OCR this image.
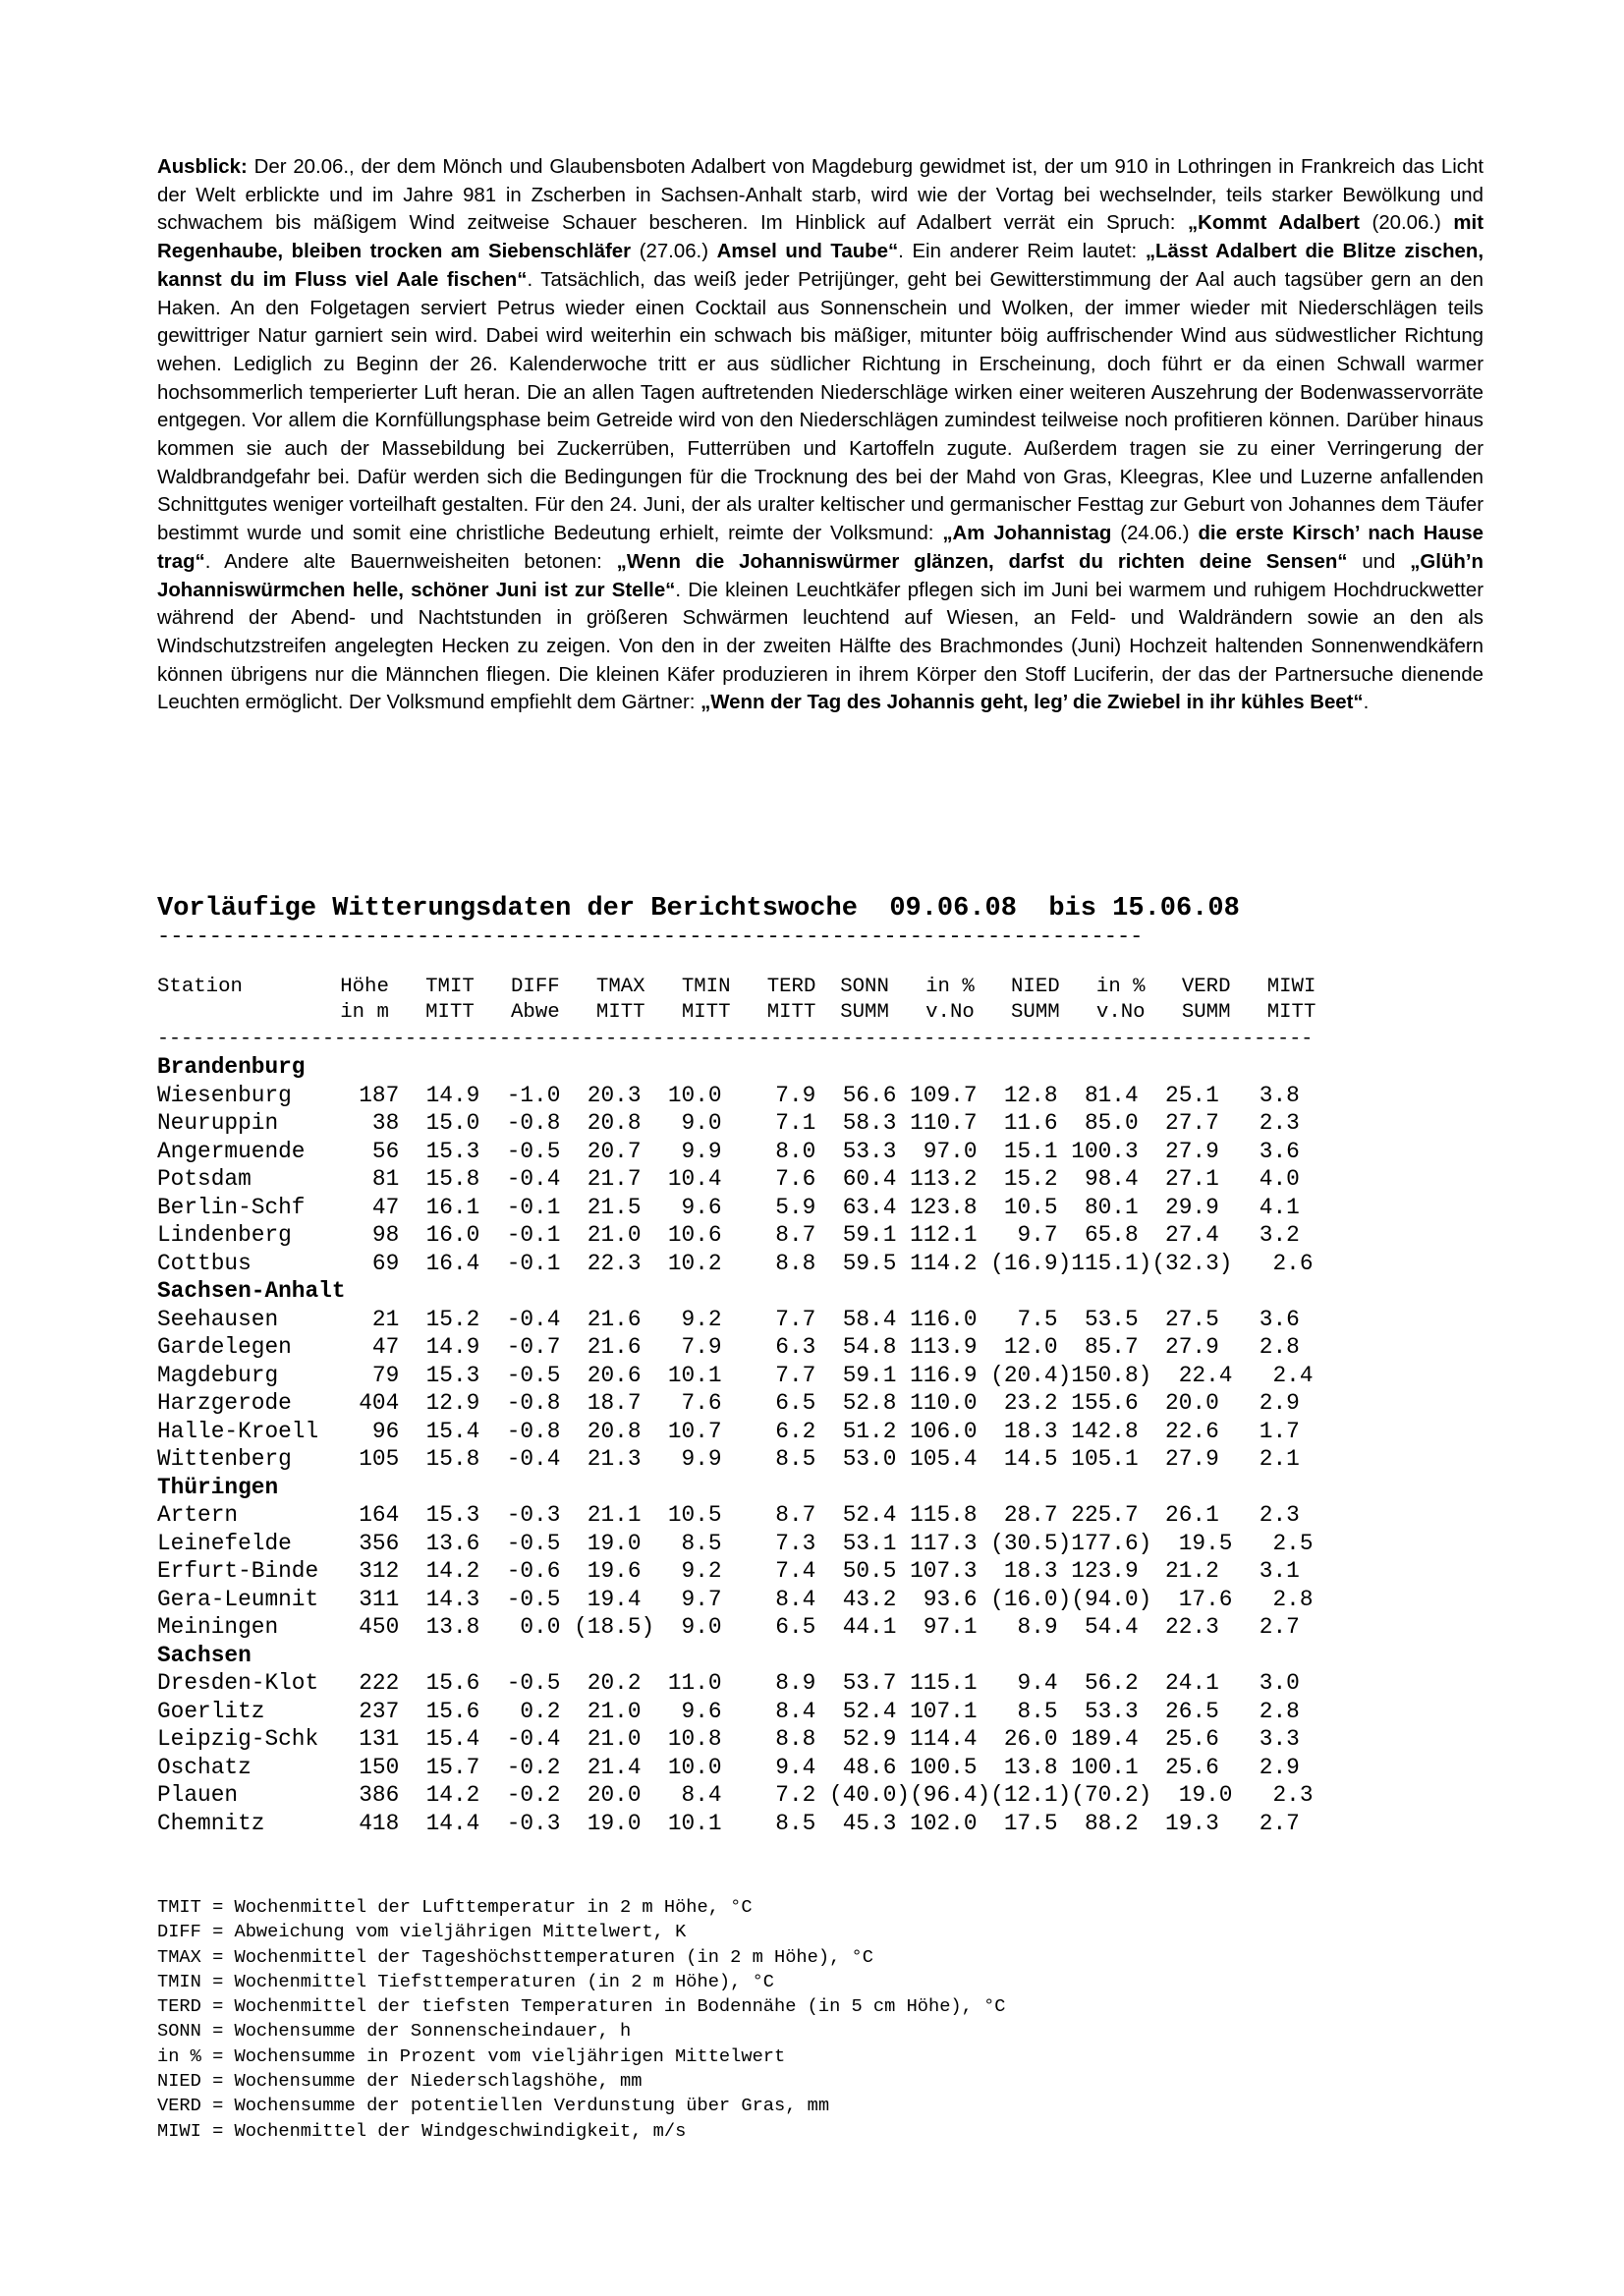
Ausblick: Der 20.06., der dem Mönch und Glaubensboten Adalbert von Magdeburg gewidmet ist, der um 910 in Lothringen in Frankreich das Licht der Welt erblickte und im Jahre 981 in Zscherben in Sachsen-Anhalt starb, wird wie der Vortag bei wechselnder, teils starker Bewölkung und schwachem bis mäßigem Wind zeitweise Schauer bescheren. Im Hinblick auf Adalbert verrät ein Spruch: „Kommt Adalbert (20.06.) mit Regenhaube, bleiben trocken am Siebenschläfer (27.06.) Amsel und Taube“. Ein anderer Reim lautet: „Lässt Adalbert die Blitze zischen, kannst du im Fluss viel Aale fischen“. Tatsächlich, das weiß jeder Petrijünger, geht bei Gewitterstimmung der Aal auch tagsüber gern an den Haken. An den Folgetagen serviert Petrus wieder einen Cocktail aus Sonnenschein und Wolken, der immer wieder mit Niederschlägen teils gewittriger Natur garniert sein wird. Dabei wird weiterhin ein schwach bis mäßiger, mitunter böig auffrischender Wind aus südwestlicher Richtung wehen. Lediglich zu Beginn der 26. Kalenderwoche tritt er aus südlicher Richtung in Erscheinung, doch führt er da einen Schwall warmer hochsommerlich temperierter Luft heran. Die an allen Tagen auftretenden Niederschläge wirken einer weiteren Auszehrung der Bodenwasservorräte entgegen. Vor allem die Kornfüllungsphase beim Getreide wird von den Niederschlägen zumindest teilweise noch profitieren können. Darüber hinaus kommen sie auch der Massebildung bei Zuckerrüben, Futterrüben und Kartoffeln zugute. Außerdem tragen sie zu einer Verringerung der Waldbrandgefahr bei. Dafür werden sich die Bedingungen für die Trocknung des bei der Mahd von Gras, Kleegras, Klee und Luzerne anfallenden Schnittgutes weniger vorteilhaft gestalten. Für den 24. Juni, der als uralter keltischer und germanischer Festtag zur Geburt von Johannes dem Täufer bestimmt wurde und somit eine christliche Bedeutung erhielt, reimte der Volksmund: „Am Johannistag (24.06.) die erste Kirsch’ nach Hause trag“. Andere alte Bauernweisheiten betonen: „Wenn die Johanniswürmer glänzen, darfst du richten deine Sensen“ und „Glüh’n Johanniswürmchen helle, schöner Juni ist zur Stelle“. Die kleinen Leuchtkäfer pflegen sich im Juni bei warmem und ruhigem Hochdruckwetter während der Abend- und Nachtstunden in größeren Schwärmen leuchtend auf Wiesen, an Feld- und Waldrändern sowie an den als Windschutzstreifen angelegten Hecken zu zeigen. Von den in der zweiten Hälfte des Brachmondes (Juni) Hochzeit haltenden Sonnenwendkäfern können übrigens nur die Männchen fliegen. Die kleinen Käfer produzieren in ihrem Körper den Stoff Luciferin, der das der Partnersuche dienende Leuchten ermöglicht. Der Volksmund empfiehlt dem Gärtner: „Wenn der Tag des Johannis geht, leg’ die Zwiebel in ihr kühles Beet“.
Vorläufige Witterungsdaten der Berichtswoche  09.06.08  bis 15.06.08
----------------------------------------------------------------------------
Station        Höhe   TMIT   DIFF   TMAX   TMIN   TERD  SONN   in %   NIED   in %   VERD   MIWI
in m   MITT   Abwe   MITT   MITT   MITT  SUMM   v.No   SUMM   v.No   SUMM   MITT
--------------------------------------------------------------------------------------------------
Brandenburg
Wiesenburg     187  14.9  -1.0  20.3  10.0    7.9  56.6 109.7  12.8  81.4  25.1   3.8
Neuruppin       38  15.0  -0.8  20.8   9.0    7.1  58.3 110.7  11.6  85.0  27.7   2.3
Angermuende     56  15.3  -0.5  20.7   9.9    8.0  53.3  97.0  15.1 100.3  27.9   3.6
Potsdam         81  15.8  -0.4  21.7  10.4    7.6  60.4 113.2  15.2  98.4  27.1   4.0
Berlin-Schf     47  16.1  -0.1  21.5   9.6    5.9  63.4 123.8  10.5  80.1  29.9   4.1
Lindenberg      98  16.0  -0.1  21.0  10.6    8.7  59.1 112.1   9.7  65.8  27.4   3.2
Cottbus         69  16.4  -0.1  22.3  10.2    8.8  59.5 114.2 (16.9)115.1)(32.3)   2.6
Sachsen-Anhalt
Seehausen       21  15.2  -0.4  21.6   9.2    7.7  58.4 116.0   7.5  53.5  27.5   3.6
Gardelegen      47  14.9  -0.7  21.6   7.9    6.3  54.8 113.9  12.0  85.7  27.9   2.8
Magdeburg       79  15.3  -0.5  20.6  10.1    7.7  59.1 116.9 (20.4)150.8)  22.4   2.4
Harzgerode     404  12.9  -0.8  18.7   7.6    6.5  52.8 110.0  23.2 155.6  20.0   2.9
Halle-Kroell    96  15.4  -0.8  20.8  10.7    6.2  51.2 106.0  18.3 142.8  22.6   1.7
Wittenberg     105  15.8  -0.4  21.3   9.9    8.5  53.0 105.4  14.5 105.1  27.9   2.1
Thüringen
Artern         164  15.3  -0.3  21.1  10.5    8.7  52.4 115.8  28.7 225.7  26.1   2.3
Leinefelde     356  13.6  -0.5  19.0   8.5    7.3  53.1 117.3 (30.5)177.6)  19.5   2.5
Erfurt-Binde   312  14.2  -0.6  19.6   9.2    7.4  50.5 107.3  18.3 123.9  21.2   3.1
Gera-Leumnit   311  14.3  -0.5  19.4   9.7    8.4  43.2  93.6 (16.0)(94.0)  17.6   2.8
Meiningen      450  13.8   0.0 (18.5)  9.0    6.5  44.1  97.1   8.9  54.4  22.3   2.7
Sachsen
Dresden-Klot   222  15.6  -0.5  20.2  11.0    8.9  53.7 115.1   9.4  56.2  24.1   3.0
Goerlitz       237  15.6   0.2  21.0   9.6    8.4  52.4 107.1   8.5  53.3  26.5   2.8
Leipzig-Schk   131  15.4  -0.4  21.0  10.8    8.8  52.9 114.4  26.0 189.4  25.6   3.3
Oschatz        150  15.7  -0.2  21.4  10.0    9.4  48.6 100.5  13.8 100.1  25.6   2.9
Plauen         386  14.2  -0.2  20.0   8.4    7.2 (40.0)(96.4)(12.1)(70.2)  19.0   2.3
Chemnitz       418  14.4  -0.3  19.0  10.1    8.5  45.3 102.0  17.5  88.2  19.3   2.7
TMIT = Wochenmittel der Lufttemperatur in 2 m Höhe, °C
DIFF = Abweichung vom vieljährigen Mittelwert, K
TMAX = Wochenmittel der Tageshöchsttemperaturen (in 2 m Höhe), °C
TMIN = Wochenmittel Tiefsttemperaturen (in 2 m Höhe), °C
TERD = Wochenmittel der tiefsten Temperaturen in Bodennähe (in 5 cm Höhe), °C
SONN = Wochensumme der Sonnenscheindauer, h
in % = Wochensumme in Prozent vom vieljährigen Mittelwert
NIED = Wochensumme der Niederschlagshöhe, mm
VERD = Wochensumme der potentiellen Verdunstung über Gras, mm
MIWI = Wochenmittel der Windgeschwindigkeit, m/s
